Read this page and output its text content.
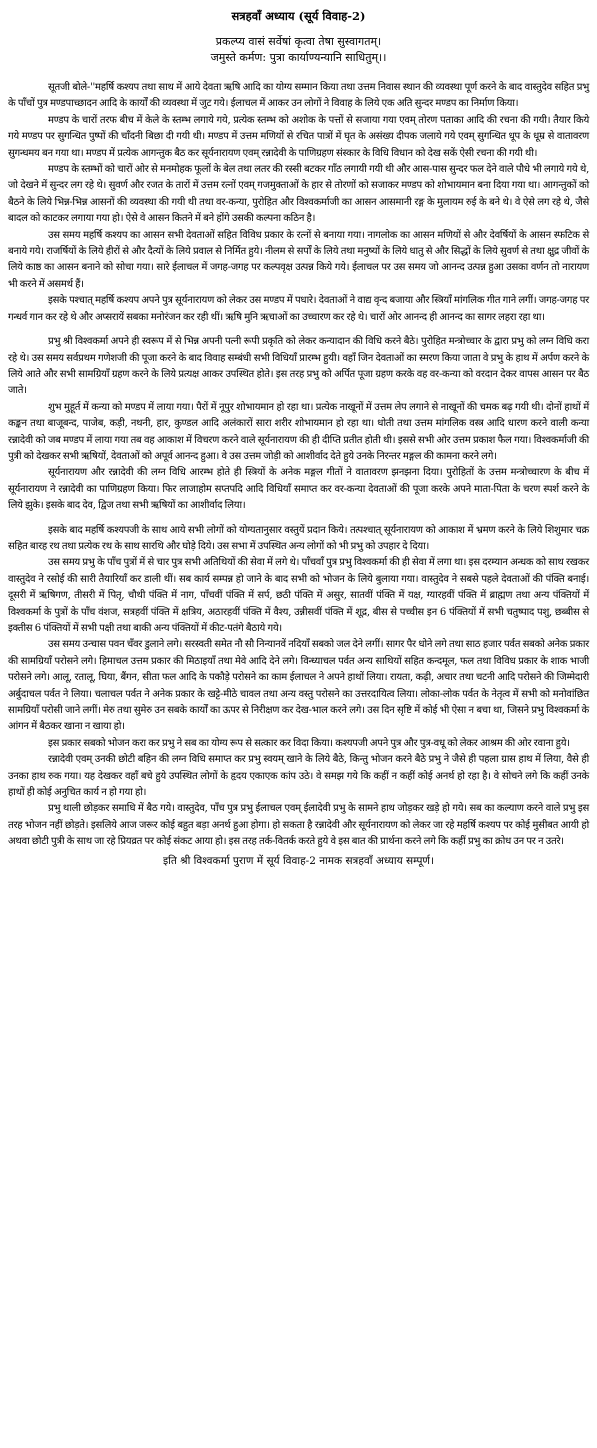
सत्रहवाँ अध्याय (सूर्य विवाह-2)
प्रकल्प्य वासं सर्वेषां कृत्वा तेषा सुस्वागतम्।
जमुस्ते कर्मण: पुत्रा कार्याण्यन्यानि साधितुम्।।

सूतजी बोले-''महर्षि कश्यप तथा साथ में आये देवता ऋषि आदि का योग्य सम्मान किया तथा उत्तम निवास स्थान की व्यवस्था पूर्ण करने के बाद वास्तुदेव सहित प्रभु के पाँचों पुत्र मण्डपाच्छादन आदि के कार्यों की व्यवस्था में जुट गये। ईलाचल में आकर उन लोगों ने विवाह के लिये एक अति सुन्दर मण्डप का निर्माण किया।

मण्डप के चारों तरफ बीच में केले के स्तम्भ लगाये गये, प्रत्येक स्तम्भ को अशोक के पत्तों से सजाया गया एवम् तोरण पताका आदि की रचना की गयी। तैयार किये गये मण्डप पर सुगन्धित पुष्पों की चाँदनी बिछा दी गयी थी। मण्डप में उत्तम मणियों से रचित पात्रों में घृत के असंख्य दीपक जलाये गये एवम् सुगन्धित धूप के धूम्र से वातावरण सुगन्धमय बन गया था। मण्डप में प्रत्येक आगन्तुक बैठ कर सूर्यनारायण एवम् रन्नादेवी के पाणिग्रहण संस्कार के विधि विधान को देख सकें ऐसी रचना की गयी थी।

मण्डप के स्तम्भों को चारों ओर से मनमोहक फूलों के बेल तथा लतर की रस्सी बटकर गाँठ लगायी गयी थी और आस-पास सुन्दर फल देने वाले पौधे भी लगाये गये थे, जो देखने में सुन्दर लग रहे थे। सुवर्ण और रजत के तारों में उत्तम रत्नों एवम् गजमुक्ताओं के हार से तोरणों को सजाकर मण्डप को शोभायमान बना दिया गया था। आगन्तुकों को बैठने के लिये भिन्न-भिन्न आसनों की व्यवस्था की गयी थी तथा वर-कन्या, पुरोहित और विश्वकर्माजी का आसन आसमानी रङ्ग के मुलायम रुई के बने थे। वे ऐसे लग रहे थे, जैसे बादल को काटकर लगाया गया हो। ऐसे वे आसन कितने में बने होंगे उसकी कल्पना कठिन है।

उस समय महर्षि कश्यप का आसन सभी देवताओं सहित विविध प्रकार के रत्नों से बनाया गया। नागलोक का आसन मणियों से और देवर्षियों के आसन स्फटिक से बनाये गये। राजर्षियों के लिये हीरों से और दैत्यों के लिये प्रवाल से निर्मित हुये। नीलम से सर्पों के लिये तथा मनुष्यों के लिये धातु से और सिद्धों के लिये सुवर्ण से तथा क्षुद्र जीवों के लिये काष्ठ का आसन बनाने को सोचा गया। सारे ईलाचल में जगह-जगह पर कल्पवृक्ष उत्पन्न किये गये। ईलाचल पर उस समय जो आनन्द उत्पन्न हुआ उसका वर्णन तो नारायण भी करने में असमर्थ हैं।

इसके पश्चात् महर्षि कश्यप अपने पुत्र सूर्यनारायण को लेकर उस मण्डप में पधारे। देवताओं ने वाद्य वृन्द बजाया और स्त्रियाँ मांगलिक गीत गाने लगीं। जगह-जगह पर गन्धर्व गान कर रहे थे और अप्सरायें सबका मनोरंजन कर रही थीं। ऋषि मुनि ऋचाओं का उच्चारण कर रहे थे। चारों ओर आनन्द ही आनन्द का सागर लहरा रहा था।

प्रभु श्री विश्वकर्मा अपने ही स्वरूप में से भिन्न अपनी पत्नी रूपी प्रकृति को लेकर कन्यादान की विधि करने बैठे। पुरोहित मन्त्रोच्चार के द्वारा प्रभु को लग्न विधि करा रहे थे। उस समय सर्वप्रथम गणेशजी की पूजा करने के बाद विवाह सम्बंधी सभी विधियाँ प्रारम्भ हुयी। वहाँ जिन देवताओं का स्मरण किया जाता वे प्रभु के हाथ में अर्पण करने के लिये आते और सभी सामग्रियाँ ग्रहण करने के लिये प्रत्यक्ष आकर उपस्थित होते। इस तरह प्रभु को अर्पित पूजा ग्रहण करके वह वर-कन्या को वरदान देकर वापस आसन पर बैठ जाते।

शुभ मुहूर्त में कन्या को मण्डप में लाया गया। पैरों में नूपुर शोभायमान हो रहा था। प्रत्येक नाखूनों में उत्तम लेप लगाने से नाखूनों की चमक बढ़ गयी थी। दोनों हाथों में कङ्कन तथा बाजूबन्द, पाजेब, कड़ी, नथनी, हार, कुण्डल आदि अलंकारों सारा शरीर शोभायमान हो रहा था। धोती तथा उत्तम मांगलिक वस्त्र आदि धारण करने वाली कन्या रन्नादेवी को जब मण्डप में लाया गया तब वह आकाश में विचरण करने वाले सूर्यनारायण की ही दीप्ति प्रतीत होती थी। इससे सभी ओर उत्तम प्रकाश फैल गया। विश्वकर्माजी की पुत्री को देखकर सभी ऋषियों, देवताओं को अपूर्व आनन्द हुआ। वे उस उत्तम जोड़ी को आशीर्वाद देते हुये उनके निरन्तर मङ्गल की कामना करने लगे।

सूर्यनारायण और रन्नादेवी की लग्न विधि आरम्भ होते ही स्त्रियों के अनेक मङ्गल गीतों ने वातावरण झनझना दिया। पुरोहितों के उत्तम मन्त्रोच्चारण के बीच में सूर्यनारायण ने रन्नादेवी का पाणिग्रहण किया। फिर लाजाहोम सप्तपदि आदि विधियाँ समाप्त कर वर-कन्या देवताओं की पूजा करके अपने माता-पिता के चरण स्पर्श करने के लिये झुके। इसके बाद देव, द्विज तथा सभी ऋषियों का आशीर्वाद लिया।

इसके बाद महर्षि कश्यपजी के साथ आये सभी लोगों को योग्यतानुसार वस्तुयें प्रदान किये। तत्पश्चात् सूर्यनारायण को आकाश में भ्रमण करने के लिये शिशुमार चक्र सहित बारह रथ तथा प्रत्येक रथ के साथ सारथि और घोड़े दिये। उस सभा में उपस्थित अन्य लोगों को भी प्रभु को उपहार दे दिया।

उस समय प्रभु के पाँच पुत्रों में से चार पुत्र सभी अतिथियों की सेवा में लगे थे। पाँचवाँ पुत्र प्रभु विश्वकर्मा की ही सेवा में लगा था। इस दरम्यान अन्धक को साथ रखकर वास्तुदेव ने रसोई की सारी तैयारियाँ कर डाली थीं। सब कार्य सम्पन्न हो जाने के बाद सभी को भोजन के लिये बुलाया गया। वास्तुदेव ने सबसे पहले देवताओं की पंक्ति बनाई। दूसरी में ऋषिगण, तीसरी में पितृ, चौथी पंक्ति में नाग, पाँचवीं पंक्ति में सर्प, छठी पंक्ति में असुर, सातवीं पंक्ति में यक्ष, ग्यारहवीं पंक्ति में ब्राह्मण तथा अन्य पंक्तियों में विश्वकर्मा के पुत्रों के पाँच वंशज, सत्रहवीं पंक्ति में क्षत्रिय, अठारहवीं पंक्ति में वैश्य, उन्नीसवीं पंक्ति में शूद्र, बीस से पच्चीस इन 6 पंक्तियों में सभी चतुष्पाद पशु, छब्बीस से इक्तीस 6 पंक्तियों में सभी पक्षी तथा बाकी अन्य पंक्तियों में कीट-पतंगे बैठाये गये।

उस समय उन्चास पवन चँवर डुलाने लगे। सरस्वती समेत नौ सौ निन्यानवें नदियाँ सबको जल देने लगीं। सागर पैर धोने लगे तथा साठ हजार पर्वत सबको अनेक प्रकार की सामग्रियाँ परोसने लगे। हिमाचल उत्तम प्रकार की मिठाइयाँ तथा मेवे आदि देने लगे। विन्ध्याचल पर्वत अन्य साथियों सहित कन्दमूल, फल तथा विविध प्रकार के शाक भाजी परोसने लगे। आलू, रतालू, घिया, बैंगन, सीता फल आदि के पकौड़े परोसने का काम ईलाचल ने अपने हाथों लिया। रायता, कढ़ी, अचार तथा चटनी आदि परोसने की जिम्मेदारी अर्बुदाचल पर्वत ने लिया। चलाचल पर्वत ने अनेक प्रकार के खट्टे-मीठे चावल तथा अन्य वस्तु परोसने का उत्तरदायित्व लिया। लोका-लोक पर्वत के नेतृत्व में सभी को मनोवांछित सामग्रियाँ परोसी जाने लगीं। मेरु तथा सुमेरु उन सबके कार्यों का ऊपर से निरीक्षण कर देख-भाल करने लगे। उस दिन सृष्टि में कोई भी ऐसा न बचा था, जिसने प्रभु विश्वकर्मा के आंगन में बैठकर खाना न खाया हो।

इस प्रकार सबको भोजन करा कर प्रभु ने सब का योग्य रूप से सत्कार कर विदा किया। कश्यपजी अपने पुत्र और पुत्र-वधू को लेकर आश्रम की ओर रवाना हुये।

रन्नादेवी एवम् उनकी छोटी बहिन की लग्न विधि समाप्त कर प्रभु स्वयम् खाने के लिये बैठे, किन्तु भोजन करने बैठे प्रभु ने जैसे ही पहला ग्रास हाथ में लिया, वैसे ही उनका हाथ रुक गया। यह देखकर वहाँ बचे हुये उपस्थित लोगों के हृदय एकाएक कांप उठे। वे समझ गये कि कहीं न कहीं कोई अनर्थ हो रहा है। वे सोचने लगे कि कहीं उनके हाथों ही कोई अनुचित कार्य न हो गया हो।

प्रभु थाली छोड़कर समाधि में बैठ गये। वास्तुदेव, पाँच पुत्र प्रभु ईलाचल एवम् ईलादेवी प्रभु के सामने हाथ जोड़कर खड़े हो गये। सब का कल्याण करने वाले प्रभु इस तरह भोजन नहीं छोड़ते। इसलिये आज जरूर कोई बहुत बड़ा अनर्थ हुआ होगा। हो सकता है रन्नादेवी और सूर्यनारायण को लेकर जा रहे महर्षि कश्यप पर कोई मुसीबत आयी हो अथवा छोटी पुत्री के साथ जा रहे प्रियव्रत पर कोई संकट आया हो। इस तरह तर्क-वितर्क करते हुये वे इस बात की प्रार्थना करने लगे कि कहीं प्रभु का क्रोध उन पर न उतरे।

इति श्री विश्वकर्मा पुराण में सूर्य विवाह-2 नामक सत्रहवाँ अध्याय सम्पूर्ण।
